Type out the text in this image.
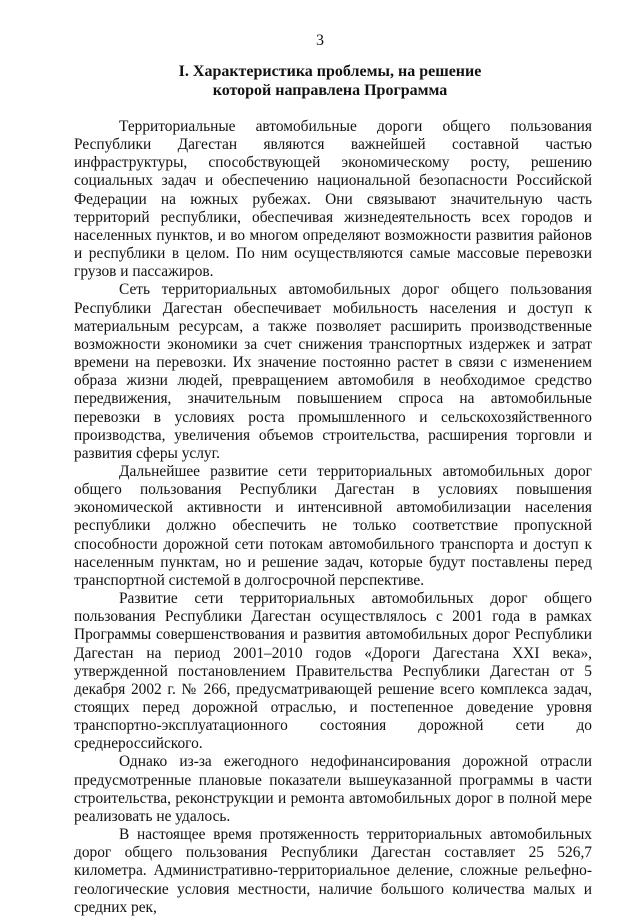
3
I. Характеристика проблемы, на решение
которой направлена Программа

Территориальные автомобильные дороги общего пользования Республики Дагестан являются важнейшей составной частью инфраструктуры, способствующей экономическому росту, решению социальных задач и обеспечению национальной безопасности Российской Федерации на южных рубежах. Они связывают значительную часть территорий республики, обеспечивая жизнедеятельность всех городов и населенных пунктов, и во многом определяют возможности развития районов и республики в целом. По ним осуществляются самые массовые перевозки грузов и пассажиров.

Сеть территориальных автомобильных дорог общего пользования Республики Дагестан обеспечивает мобильность населения и доступ к материальным ресурсам, а также позволяет расширить производственные возможности экономики за счет снижения транспортных издержек и затрат времени на перевозки. Их значение постоянно растет в связи с изменением образа жизни людей, превращением автомобиля в необходимое средство передвижения, значительным повышением спроса на автомобильные перевозки в условиях роста промышленного и сельскохозяйственного производства, увеличения объемов строительства, расширения торговли и развития сферы услуг.

Дальнейшее развитие сети территориальных автомобильных дорог общего пользования Республики Дагестан в условиях повышения экономической активности и интенсивной автомобилизации населения республики должно обеспечить не только соответствие пропускной способности дорожной сети потокам автомобильного транспорта и доступ к населенным пунктам, но и решение задач, которые будут поставлены перед транспортной системой в долгосрочной перспективе.

Развитие сети территориальных автомобильных дорог общего пользования Республики Дагестан осуществлялось с 2001 года в рамках Программы совершенствования и развития автомобильных дорог Республики Дагестан на период 2001–2010 годов «Дороги Дагестана XXI века», утвержденной постановлением Правительства Республики Дагестан от 5 декабря 2002 г. № 266, предусматривающей решение всего комплекса задач, стоящих перед дорожной отраслью, и постепенное доведение уровня транспортно-эксплуатационного состояния дорожной сети до среднероссийского.

Однако из-за ежегодного недофинансирования дорожной отрасли предусмотренные плановые показатели вышеуказанной программы в части строительства, реконструкции и ремонта автомобильных дорог в полной мере реализовать не удалось.

В настоящее время протяженность территориальных автомобильных дорог общего пользования Республики Дагестан составляет 25 526,7 километра. Административно-территориальное деление, сложные рельефно-геологические условия местности, наличие большого количества малых и средних рек,
